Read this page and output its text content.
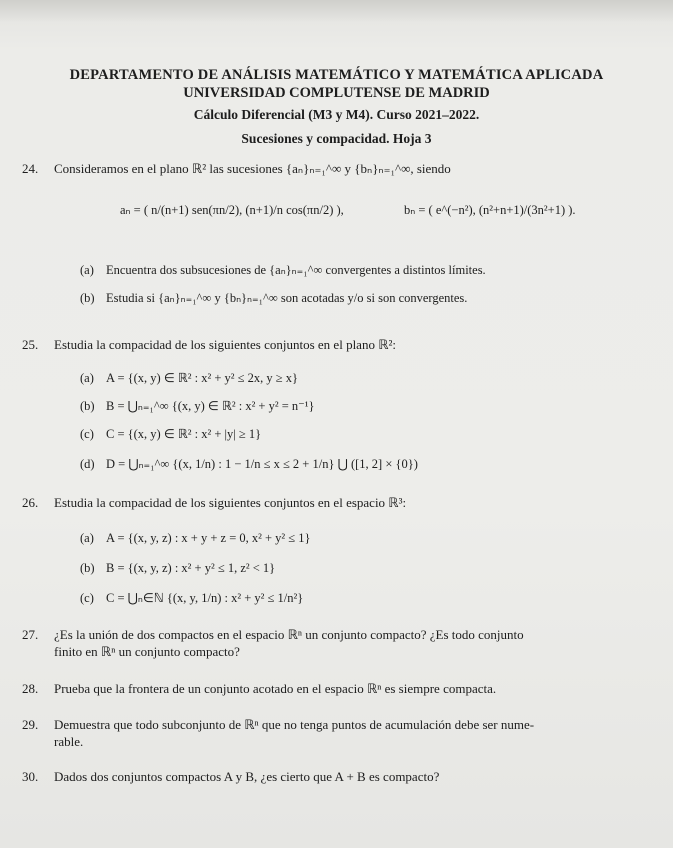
DEPARTAMENTO DE ANÁLISIS MATEMÁTICO Y MATEMÁTICA APLICADA
UNIVERSIDAD COMPLUTENSE DE MADRID
Cálculo Diferencial (M3 y M4). Curso 2021–2022.
Sucesiones y compacidad. Hoja 3
24. Consideramos en el plano ℝ² las sucesiones {aₙ}ₙ₌₁^∞ y {bₙ}ₙ₌₁^∞, siendo
aₙ = ( n/(n+1) sen(πn/2), (n+1)/n cos(πn/2) ),	bₙ = ( e^(−n²), (n²+n+1)/(3n²+1) ).
(a) Encuentra dos subsucesiones de {aₙ}ₙ₌₁^∞ convergentes a distintos límites.
(b) Estudia si {aₙ}ₙ₌₁^∞ y {bₙ}ₙ₌₁^∞ son acotadas y/o si son convergentes.
25. Estudia la compacidad de los siguientes conjuntos en el plano ℝ²:
(a) A = {(x, y) ∈ ℝ² : x² + y² ≤ 2x, y ≥ x}
(b) B = ⋃ₙ₌₁^∞ {(x, y) ∈ ℝ² : x² + y² = n⁻¹}
(c) C = {(x, y) ∈ ℝ² : x² + |y| ≥ 1}
(d) D = ⋃ₙ₌₁^∞ {(x, 1/n) : 1 − 1/n ≤ x ≤ 2 + 1/n} ⋃ ([1, 2] × {0})
26. Estudia la compacidad de los siguientes conjuntos en el espacio ℝ³:
(a) A = {(x, y, z) : x + y + z = 0, x² + y² ≤ 1}
(b) B = {(x, y, z) : x² + y² ≤ 1, z² < 1}
(c) C = ⋃ₙ∈ℕ {(x, y, 1/n) : x² + y² ≤ 1/n²}
27. ¿Es la unión de dos compactos en el espacio ℝⁿ un conjunto compacto? ¿Es todo conjunto
finito en ℝⁿ un conjunto compacto?
28. Prueba que la frontera de un conjunto acotado en el espacio ℝⁿ es siempre compacta.
29. Demuestra que todo subconjunto de ℝⁿ que no tenga puntos de acumulación debe ser nume-
rable.
30. Dados dos conjuntos compactos A y B, ¿es cierto que A + B es compacto?
